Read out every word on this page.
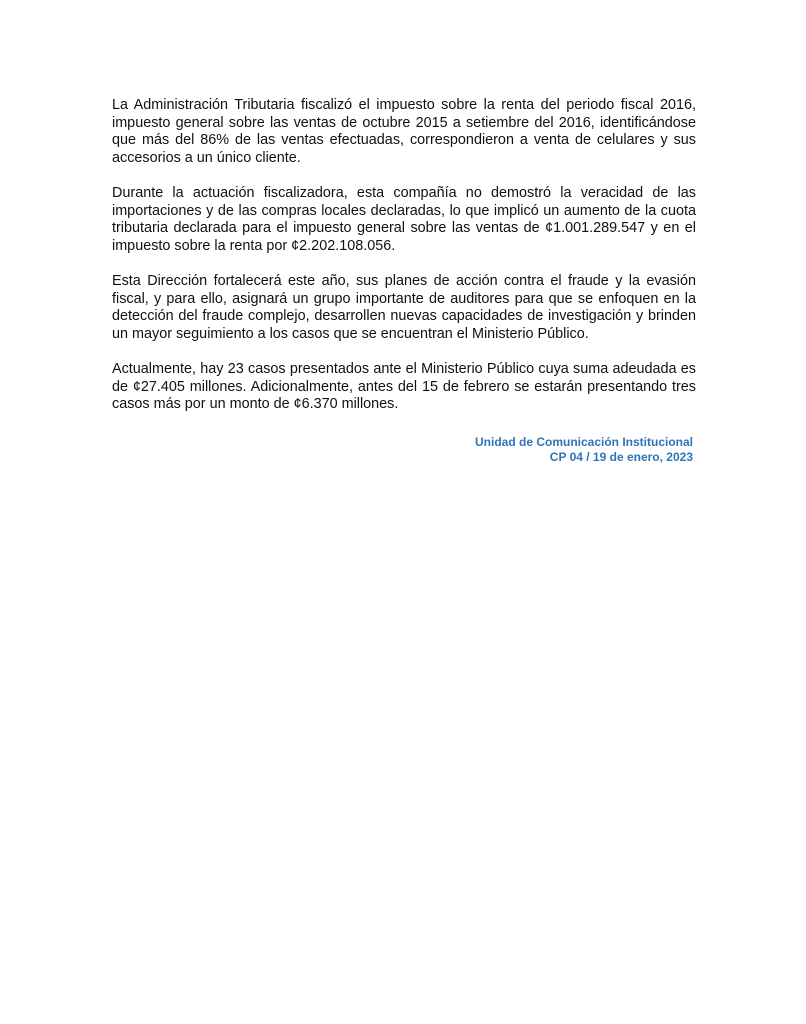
La Administración Tributaria fiscalizó el impuesto sobre la renta del periodo fiscal 2016, impuesto general sobre las ventas de octubre 2015 a setiembre del 2016, identificándose que más del 86% de las ventas efectuadas, correspondieron a venta de celulares y sus accesorios a un único cliente.

Durante la actuación fiscalizadora, esta compañía no demostró la veracidad de las importaciones y de las compras locales declaradas, lo que implicó un aumento de la cuota tributaria declarada para el impuesto general sobre las ventas de ¢1.001.289.547 y en el impuesto sobre la renta por ¢2.202.108.056.

Esta Dirección fortalecerá este año, sus planes de acción contra el fraude y la evasión fiscal, y para ello, asignará un grupo importante de auditores para que se enfoquen en la detección del fraude complejo, desarrollen nuevas capacidades de investigación y brinden un mayor seguimiento a los casos que se encuentran el Ministerio Público.

Actualmente, hay 23 casos presentados ante el Ministerio Público cuya suma adeudada es de ¢27.405 millones. Adicionalmente, antes del 15 de febrero se estarán presentando tres casos más por un monto de ¢6.370 millones.

Unidad de Comunicación Institucional
CP 04 / 19 de enero, 2023
